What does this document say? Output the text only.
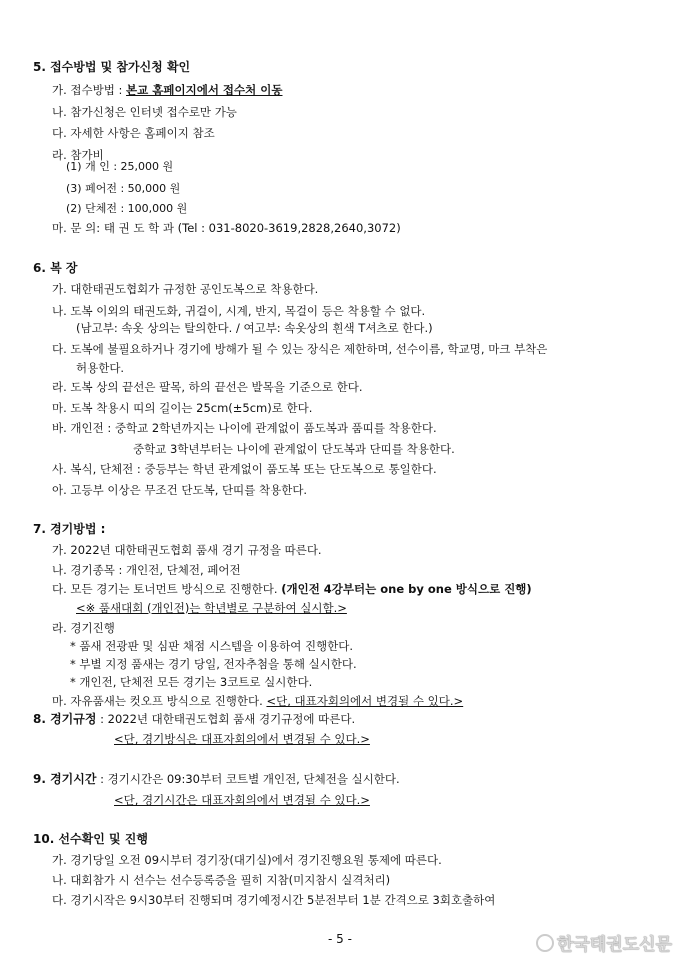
5. 접수방법 및 참가신청 확인
가. 접수방법 : 본교 홈페이지에서 접수처 이동
나. 참가신청은 인터넷 접수로만 가능
다. 자세한 사항은 홈페이지 참조
라. 참가비
(1) 개 인 : 25,000 원
(3) 페어전 : 50,000 원
(2) 단체전 : 100,000 원
마. 문 의: 태 권 도 학 과 (Tel : 031-8020-3619,2828,2640,3072)
6. 복 장
가. 대한태권도협회가 규정한 공인도복으로 착용한다.
나. 도복 이외의 태권도화, 귀걸이, 시계, 반지, 목걸이 등은 착용할 수 없다.
(남고부: 속옷 상의는 탈의한다. / 여고부: 속옷상의 흰색 T셔츠로 한다.)
다. 도복에 불필요하거나 경기에 방해가 될 수 있는 장식은 제한하며, 선수이름, 학교명, 마크 부착은
허용한다.
라. 도복 상의 끝선은 팔목, 하의 끝선은 발목을 기준으로 한다.
마. 도복 착용시 띠의 길이는 25cm(±5cm)로 한다.
바. 개인전 : 중학교 2학년까지는 나이에 관계없이 품도복과 품띠를 착용한다.
중학교 3학년부터는 나이에 관계없이 단도복과 단띠를 착용한다.
사. 복식, 단체전 : 중등부는 학년 관계없이 품도복 또는 단도복으로 통일한다.
아. 고등부 이상은 무조건 단도복, 단띠를 착용한다.
7. 경기방법 :
가. 2022년 대한태권도협회 품새 경기 규정을 따른다.
나. 경기종목 : 개인전, 단체전, 페어전
다. 모든 경기는 토너먼트 방식으로 진행한다. (개인전 4강부터는 one by one 방식으로 진행)
<※ 품새대회 (개인전)는 학년별로 구분하여 실시함.>
라. 경기진행
* 품새 전광판 및 심판 채점 시스템을 이용하여 진행한다.
* 부별 지정 품새는 경기 당일, 전자추첨을 통해 실시한다.
* 개인전, 단체전 모든 경기는 3코트로 실시한다.
마. 자유품새는 컷오프 방식으로 진행한다. <단, 대표자회의에서 변경될 수 있다.>
8. 경기규정 : 2022년 대한태권도협회 품새 경기규정에 따른다.
<단, 경기방식은 대표자회의에서 변경될 수 있다.>
9. 경기시간 : 경기시간은 09:30부터 코트별 개인전, 단체전을 실시한다.
<단, 경기시간은 대표자회의에서 변경될 수 있다.>
10. 선수확인 및 진행
가. 경기당일 오전 09시부터 경기장(대기실)에서 경기진행요원 통제에 따른다.
나. 대회참가 시 선수는 선수등록증을 필히 지참(미지참시 실격처리)
다. 경기시작은 9시30부터 진행되며 경기예정시간 5분전부터 1분 간격으로 3회호출하여
- 5 -	한국태권도신문
